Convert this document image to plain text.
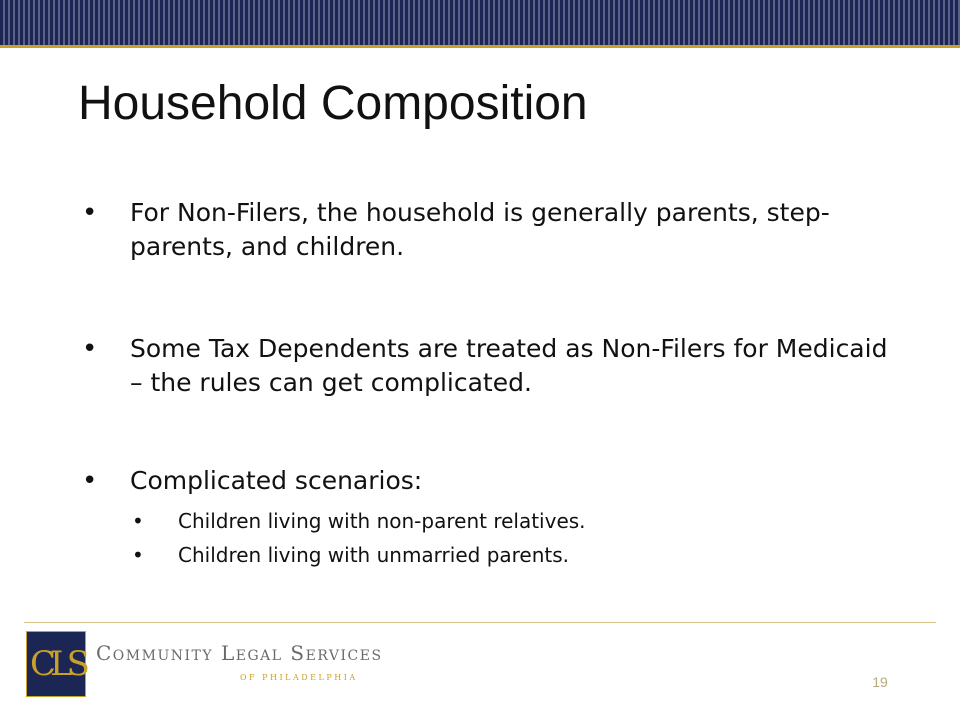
Household Composition
• For Non-Filers, the household is generally parents, step-parents, and children.
• Some Tax Dependents are treated as Non-Filers for Medicaid – the rules can get complicated.
• Complicated scenarios:
• Children living with non-parent relatives.
• Children living with unmarried parents.
CLS Community Legal Services
OF PHILADELPHIA	19
